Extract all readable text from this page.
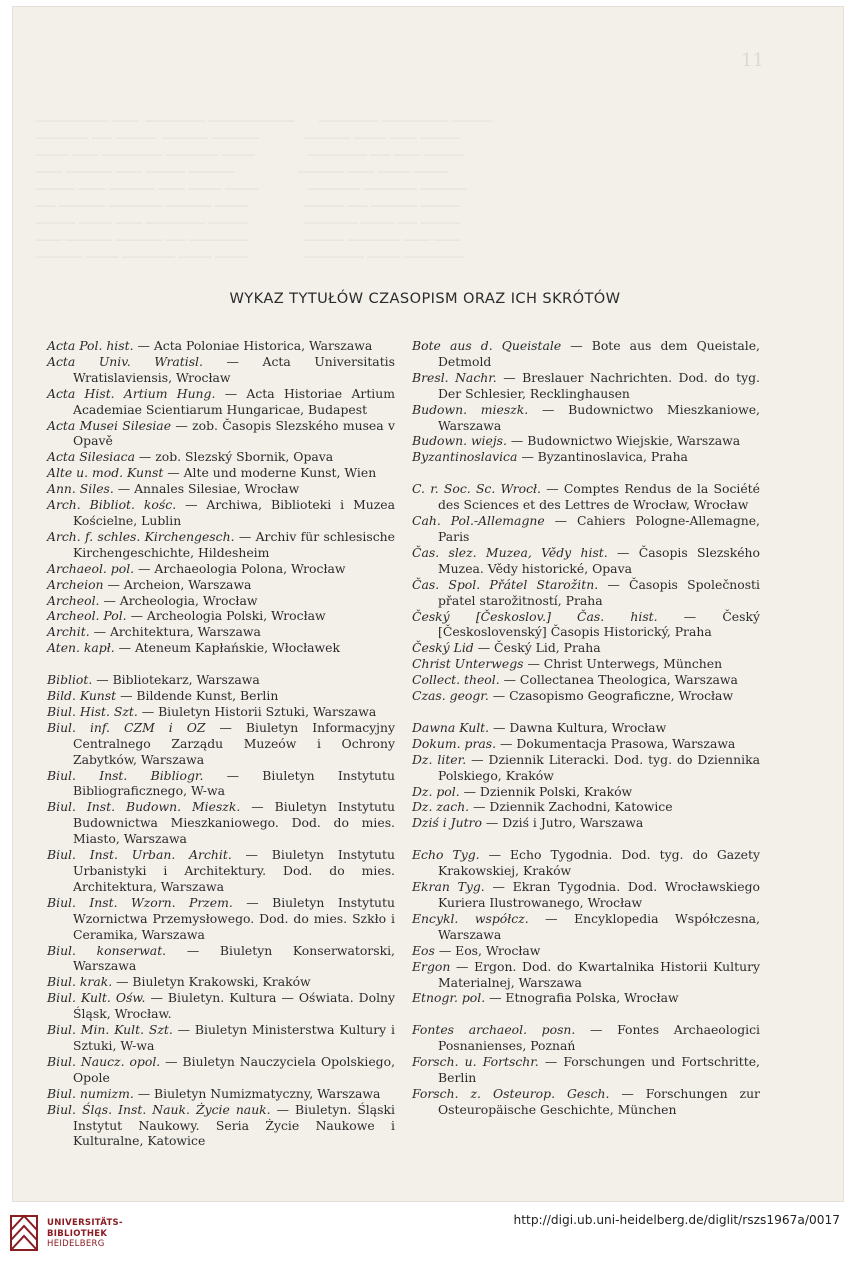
11

─────────── ────  ───────── ─────────────       ───────── ────────── ──────
──────── ─── ──────  ─────── ───────             ─────── ───── ──── ──────
───── ──── ───────── ──────── ─────               ───────── ─── ──── ──────
──── ─────── ──── ────── ───────                  ─────── ──── ───── ─────
────── ──── ─────── ──── ───── ─────              ──────── ──────── ───────
─── ─────── ──────── ─────── ─────                ────── ─── ─────── ──────
────── ───── ──── ───────── ──────                ──────── ───── ─── ──────
──── ─────── ─────── ─── ─────────                ────── ──────── ──── ────
─────── ───── ──────── ───── ─────                ───────── ───── ─────────

WYKAZ TYTUŁÓW CZASOPISM ORAZ ICH SKRÓTÓW
Acta Pol. hist. — Acta Poloniae Historica, Warszawa
Acta Univ. Wratisl. — Acta Universitatis Wratislaviensis, Wrocław
Acta Hist. Artium Hung. — Acta Historiae Artium Academiae Scientiarum Hungaricae, Budapest
Acta Musei Silesiae — zob. Časopis Slezského musea v Opavě
Acta Silesiaca — zob. Slezský Sbornik, Opava
Alte u. mod. Kunst — Alte und moderne Kunst, Wien
Ann. Siles. — Annales Silesiae, Wrocław
Arch. Bibliot. kośc. — Archiwa, Biblioteki i Muzea Kościelne, Lublin
Arch. f. schles. Kirchengesch. — Archiv für schlesische Kirchengeschichte, Hildesheim
Archaeol. pol. — Archaeologia Polona, Wrocław
Archeion — Archeion, Warszawa
Archeol. — Archeologia, Wrocław
Archeol. Pol. — Archeologia Polski, Wrocław
Archit. — Architektura, Warszawa
Aten. kapł. — Ateneum Kapłańskie, Włocławek
Bibliot. — Bibliotekarz, Warszawa
Bild. Kunst — Bildende Kunst, Berlin
Biul. Hist. Szt. — Biuletyn Historii Sztuki, Warszawa
Biul. inf. CZM i OZ — Biuletyn Informacyjny Centralnego Zarządu Muzeów i Ochrony Zabytków, Warszawa
Biul. Inst. Bibliogr. — Biuletyn Instytutu Bibliograficznego, W-wa
Biul. Inst. Budown. Mieszk. — Biuletyn Instytutu Budownictwa Mieszkaniowego. Dod. do mies. Miasto, Warszawa
Biul. Inst. Urban. Archit. — Biuletyn Instytutu Urbanistyki i Architektury. Dod. do mies. Architektura, Warszawa
Biul. Inst. Wzorn. Przem. — Biuletyn Instytutu Wzornictwa Przemysłowego. Dod. do mies. Szkło i Ceramika, Warszawa
Biul. konserwat. — Biuletyn Konserwatorski, Warszawa
Biul. krak. — Biuletyn Krakowski, Kraków
Biul. Kult. Ośw. — Biuletyn. Kultura — Oświata. Dolny Śląsk, Wrocław.
Biul. Min. Kult. Szt. — Biuletyn Ministerstwa Kultury i Sztuki, W-wa
Biul. Naucz. opol. — Biuletyn Nauczyciela Opolskiego, Opole
Biul. numizm. — Biuletyn Numizmatyczny, Warszawa
Biul. Śląs. Inst. Nauk. Życie nauk. — Biuletyn. Śląski Instytut Naukowy. Seria Życie Naukowe i Kulturalne, Katowice
Bote aus d. Queistale — Bote aus dem Queistale, Detmold
Bresl. Nachr. — Breslauer Nachrichten. Dod. do tyg. Der Schlesier, Recklinghausen
Budown. mieszk. — Budownictwo Mieszkaniowe, Warszawa
Budown. wiejs. — Budownictwo Wiejskie, Warszawa
Byzantinoslavica — Byzantinoslavica, Praha
C. r. Soc. Sc. Wrocł. — Comptes Rendus de la Société des Sciences et des Lettres de Wrocław, Wrocław
Cah. Pol.-Allemagne — Cahiers Pologne-Allemagne, Paris
Čas. slez. Muzea, Vědy hist. — Časopis Slezského Muzea. Vědy historické, Opava
Čas. Spol. Přátel Starožitn. — Časopis Společnosti přatel starožitností, Praha
Český [Českoslov.] Čas. hist. — Český [Československý] Časopis Historický, Praha
Český Lid — Český Lid, Praha
Christ Unterwegs — Christ Unterwegs, München
Collect. theol. — Collectanea Theologica, Warszawa
Czas. geogr. — Czasopismo Geograficzne, Wrocław
Dawna Kult. — Dawna Kultura, Wrocław
Dokum. pras. — Dokumentacja Prasowa, Warszawa
Dz. liter. — Dziennik Literacki. Dod. tyg. do Dziennika Polskiego, Kraków
Dz. pol. — Dziennik Polski, Kraków
Dz. zach. — Dziennik Zachodni, Katowice
Dziś i Jutro — Dziś i Jutro, Warszawa
Echo Tyg. — Echo Tygodnia. Dod. tyg. do Gazety Krakowskiej, Kraków
Ekran Tyg. — Ekran Tygodnia. Dod. Wrocławskiego Kuriera Ilustrowanego, Wrocław
Encykl. współcz. — Encyklopedia Współczesna, Warszawa
Eos — Eos, Wrocław
Ergon — Ergon. Dod. do Kwartalnika Historii Kultury Materialnej, Warszawa
Etnogr. pol. — Etnografia Polska, Wrocław
Fontes archaeol. posn. — Fontes Archaeologici Posnanienses, Poznań
Forsch. u. Fortschr. — Forschungen und Fortschritte, Berlin
Forsch. z. Osteurop. Gesch. — Forschungen zur Osteuropäische Geschichte, München
UNIVERSITÄTS-
BIBLIOTHEK
HEIDELBERG
http://digi.ub.uni-heidelberg.de/diglit/rszs1967a/0017
